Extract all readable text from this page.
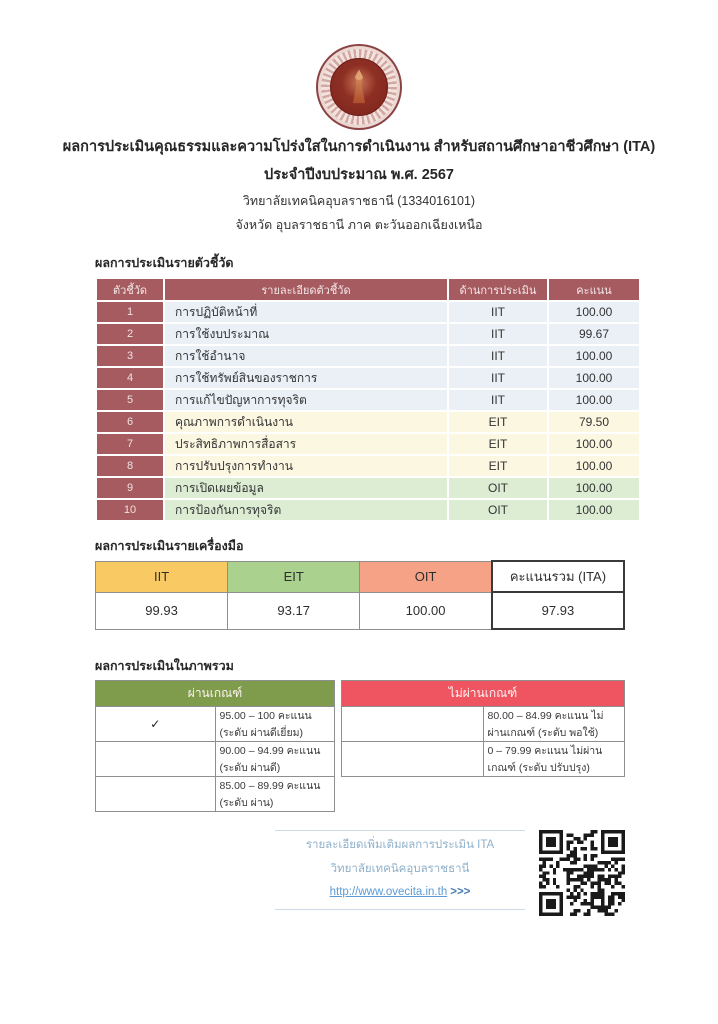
ผลการประเมินคุณธรรมและความโปร่งใสในการดำเนินงาน สำหรับสถานศึกษาอาชีวศึกษา (ITA)

ประจำปีงบประมาณ พ.ศ. 2567

วิทยาลัยเทคนิคอุบลราชธานี (1334016101)

จังหวัด อุบลราชธานี ภาค ตะวันออกเฉียงเหนือ

ผลการประเมินรายตัวชี้วัด

ตัวชี้วัด	รายละเอียดตัวชี้วัด	ด้านการประเมิน	คะแนน
1	การปฏิบัติหน้าที่	IIT	100.00
2	การใช้งบประมาณ	IIT	99.67
3	การใช้อำนาจ	IIT	100.00
4	การใช้ทรัพย์สินของราชการ	IIT	100.00
5	การแก้ไขปัญหาการทุจริต	IIT	100.00
6	คุณภาพการดำเนินงาน	EIT	79.50
7	ประสิทธิภาพการสื่อสาร	EIT	100.00
8	การปรับปรุงการทำงาน	EIT	100.00
9	การเปิดเผยข้อมูล	OIT	100.00
10	การป้องกันการทุจริต	OIT	100.00

ผลการประเมินรายเครื่องมือ

IIT	EIT	OIT	คะแนนรวม (ITA)
99.93	93.17	100.00	97.93

ผลการประเมินในภาพรวม

ผ่านเกณฑ์	
✓	95.00 – 100 คะแนน (ระดับ ผ่านดีเยี่ยม)
	90.00 – 94.99 คะแนน (ระดับ ผ่านดี)
	85.00 – 89.99 คะแนน (ระดับ ผ่าน)
ไม่ผ่านเกณฑ์	
	80.00 – 84.99 คะแนน ไม่ผ่านเกณฑ์ (ระดับ พอใช้)
	0 – 79.99 คะแนน ไม่ผ่านเกณฑ์ (ระดับ ปรับปรุง)

รายละเอียดเพิ่มเติมผลการประเมิน ITA

วิทยาลัยเทคนิคอุบลราชธานี

http://www.ovecita.in.th >>>
